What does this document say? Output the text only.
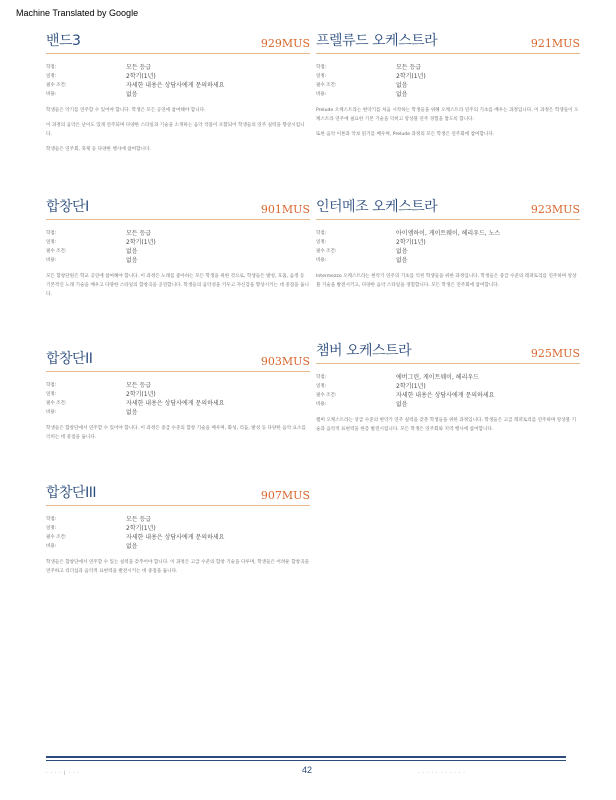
Machine Translated by Google
밴드3	929MUS
학점:	모든 등급
일정:	2학기(1년)
필수 조건:	자세한 내용은 상담사에게 문의하세요
비용:	없음

학생들은 악기를 연주할 수 있어야 합니다. 학생은 모든 공연에 참여해야 합니다.

이 과정의 음악은 난이도 있게 연주되며 다양한 스타일과 기술을 소개하는 음악 작품이 포함되어 학생들의 연주 실력을 향상시킵니다.

학생들은 연주회, 축제 등 다양한 행사에 참여합니다.

합창단I	901MUS
학점:	모든 등급
일정:	2학기(1년)
필수 조건:	없음
비용:	없음

모든 합창단원은 학교 공연에 참여해야 합니다. 이 과정은 노래를 좋아하는 모든 학생을 위한 것으로, 학생들은 발성, 호흡, 음정 등 기본적인 노래 기술을 배우고 다양한 스타일의 합창곡을 공연합니다. 학생들의 음악성을 키우고 자신감을 향상시키는 데 중점을 둡니다.

합창단II	903MUS
학점:	모든 등급
일정:	2학기(1년)
필수 조건:	자세한 내용은 상담사에게 문의하세요
비용:	없음

학생들은 합창단에서 연주할 수 있어야 합니다. 이 과정은 중급 수준의 합창 기술을 배우며, 화성, 리듬, 발성 등 다양한 음악 요소를 익히는 데 중점을 둡니다.

합창단III	907MUS
학점:	모든 등급
일정:	2학기(1년)
필수 조건:	자세한 내용은 상담사에게 문의하세요
비용:	없음

학생들은 합창단에서 연주할 수 있는 실력을 갖추어야 합니다. 이 과정은 고급 수준의 합창 기술을 다루며, 학생들은 어려운 합창곡을 연주하고 리더십과 음악적 표현력을 발전시키는 데 중점을 둡니다.

프렐류드 오케스트라	921MUS
학점:	모든 등급
일정:	2학기(1년)
필수 조건:	없음
비용:	없음

Prelude 오케스트라는 현악기를 처음 시작하는 학생들을 위해 오케스트라 연주의 기초를 배우는 과정입니다. 이 과정은 학생들이 오케스트라 연주에 필요한 기본 기술을 익히고 앙상블 연주 경험을 쌓도록 합니다.

또한 음악 이론과 악보 읽기를 배우며, Prelude 과정의 모든 학생은 연주회에 참여합니다.

인터메조 오케스트라	923MUS
학점:	아이엠하이, 게이트웨이, 헤리우드, 노스
일정:	2학기(1년)
필수 조건:	없음
비용:	없음

Intermezzo 오케스트라는 현악기 연주의 기초를 익힌 학생들을 위한 과정입니다. 학생들은 중급 수준의 레퍼토리를 연주하며 앙상블 기술을 발전시키고, 다양한 음악 스타일을 경험합니다. 모든 학생은 연주회에 참여합니다.

챔버 오케스트라	925MUS
학점:	에버그린, 게이트웨이, 헤리우드
일정:	2학기(1년)
필수 조건:	자세한 내용은 상담사에게 문의하세요
비용:	없음

챔버 오케스트라는 상급 수준의 현악기 연주 실력을 갖춘 학생들을 위한 과정입니다. 학생들은 고급 레퍼토리를 연주하며 앙상블 기술과 음악적 표현력을 한층 발전시킵니다. 모든 학생은 연주회와 지역 행사에 참여합니다.

· · · · | · · ·	42	· · · · · · · · · · ·
